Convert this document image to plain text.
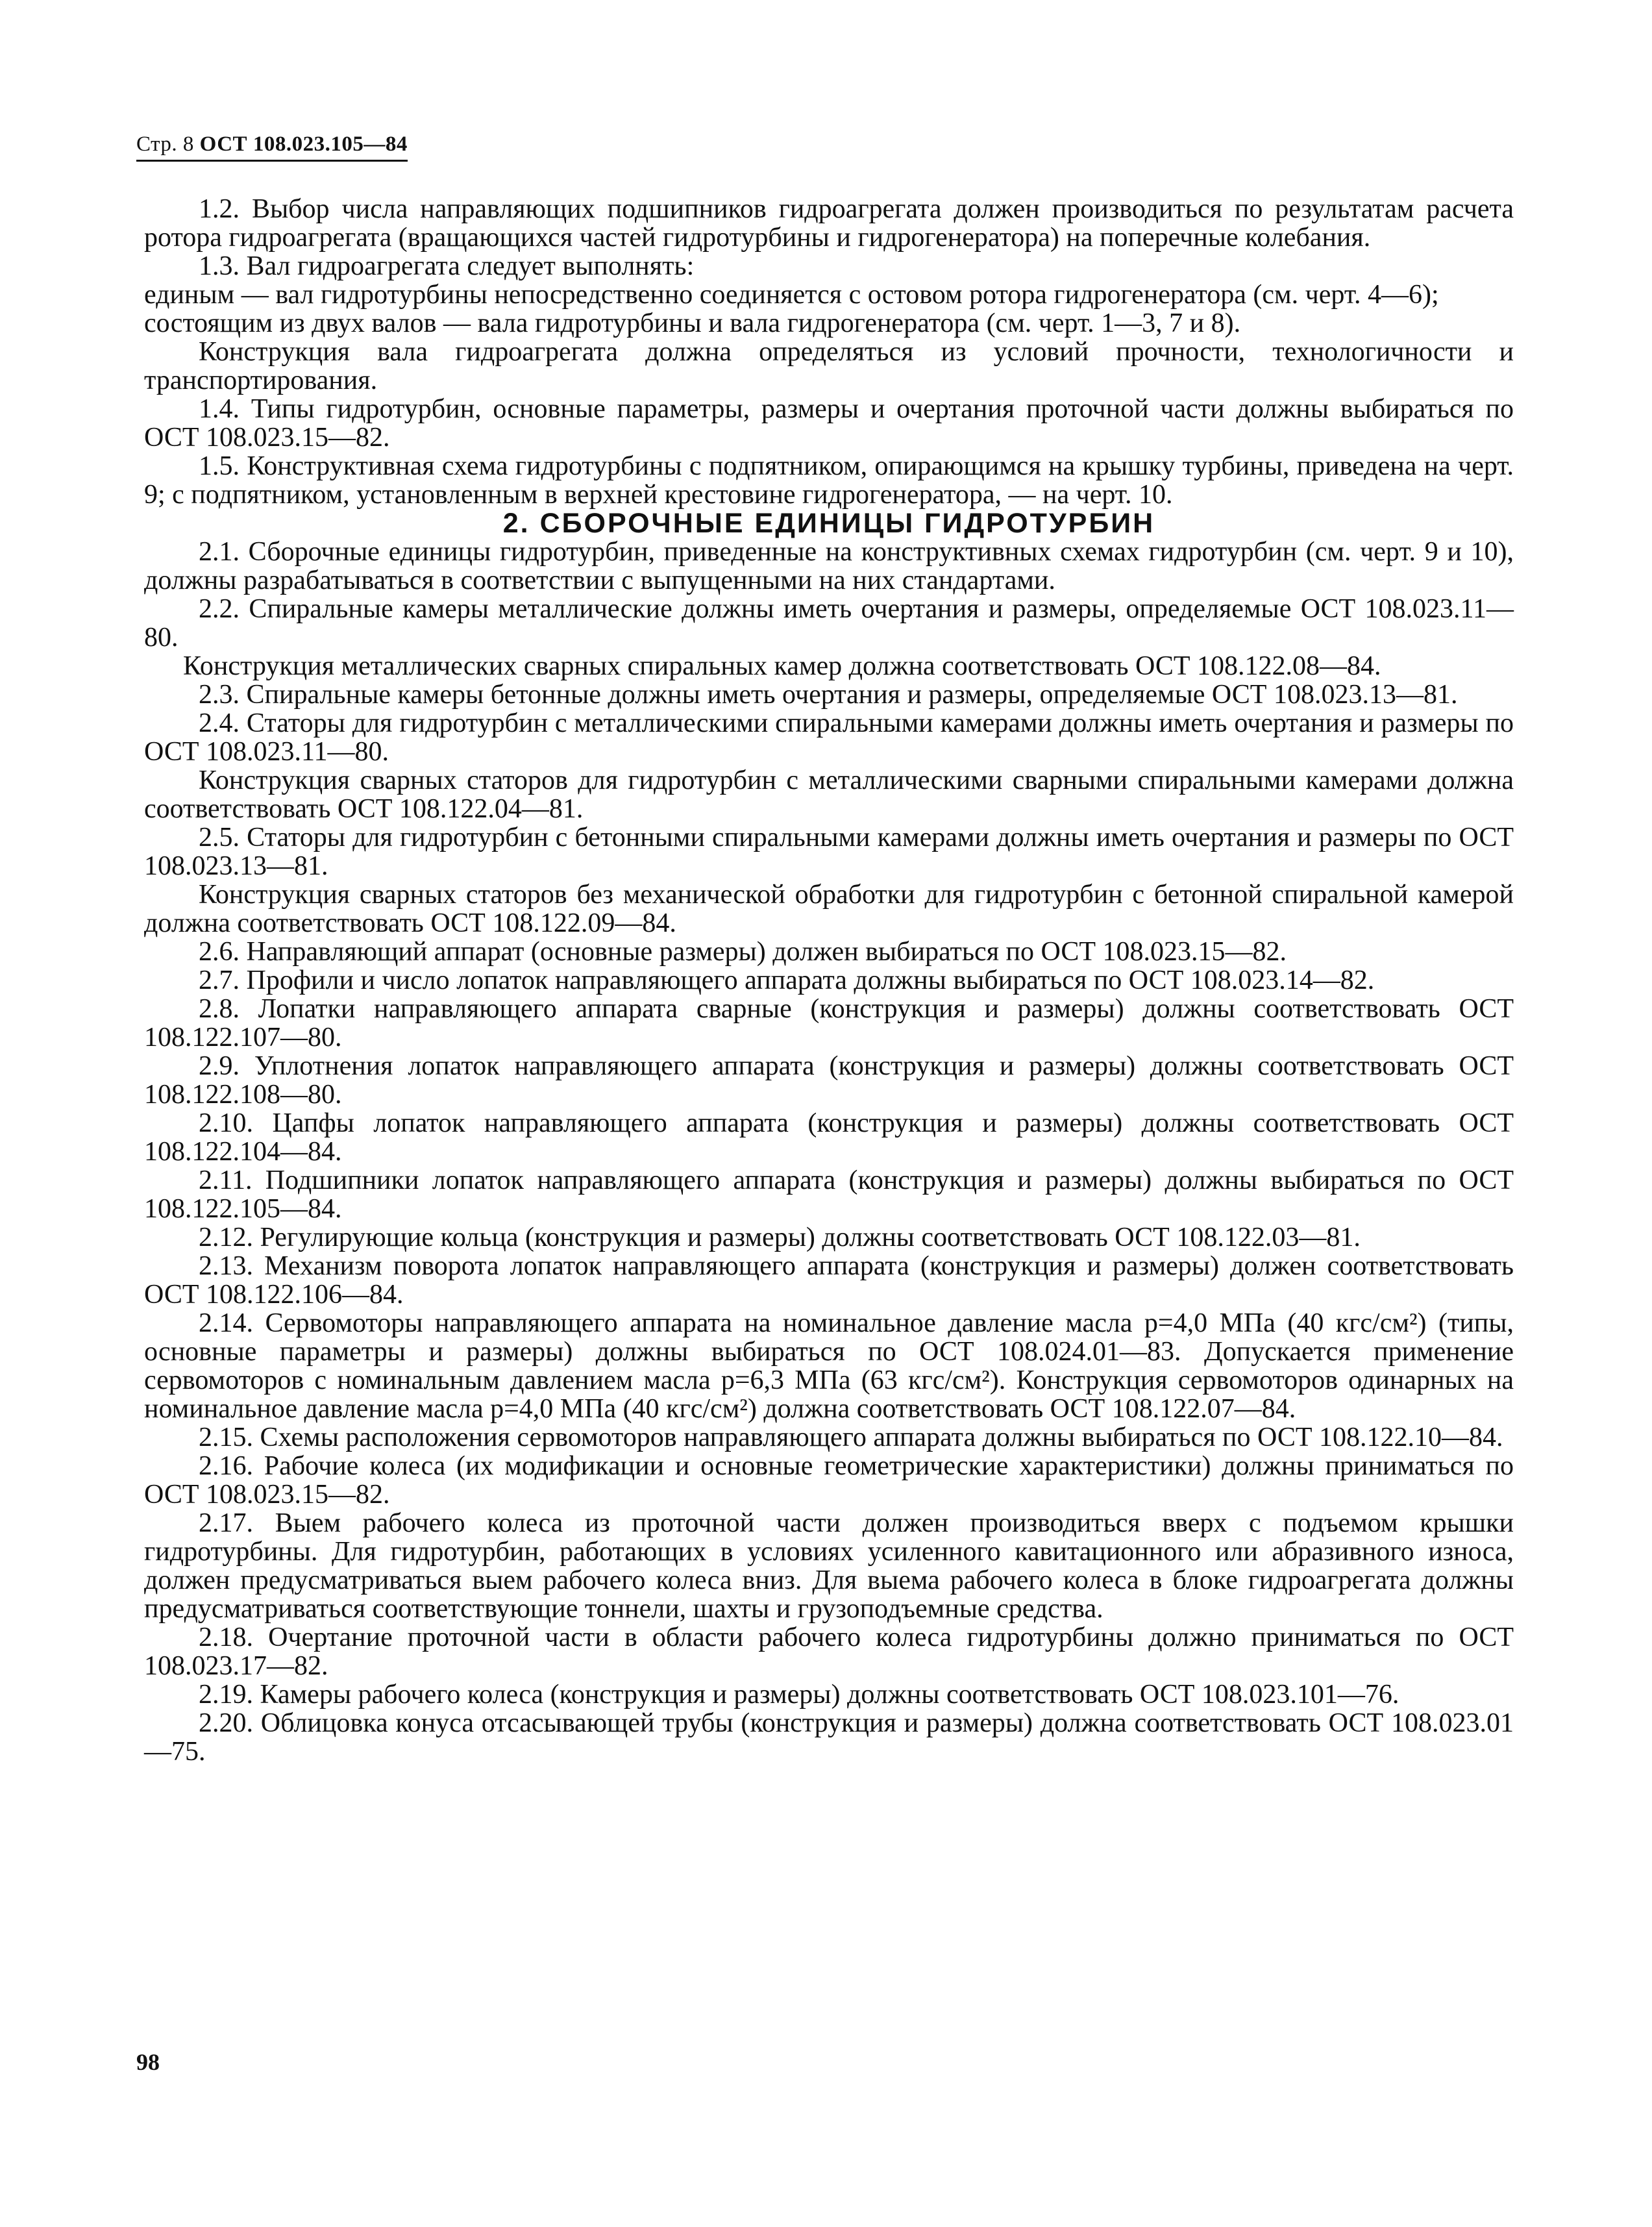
Стр. 8 ОСТ 108.023.105—84

1.2. Выбор числа направляющих подшипников гидроагрегата должен производиться по результатам расчета ротора гидроагрегата (вращающихся частей гидротурбины и гидрогенератора) на поперечные колебания.

1.3. Вал гидроагрегата следует выполнять:

единым — вал гидротурбины непосредственно соединяется с остовом ротора гидрогенератора (см. черт. 4—6);

состоящим из двух валов — вала гидротурбины и вала гидрогенератора (см. черт. 1—3, 7 и 8).

Конструкция вала гидроагрегата должна определяться из условий прочности, технологичности и транспортирования.

1.4. Типы гидротурбин, основные параметры, размеры и очертания проточной части должны выбираться по ОСТ 108.023.15—82.

1.5. Конструктивная схема гидротурбины с подпятником, опирающимся на крышку турбины, приведена на черт. 9; с подпятником, установленным в верхней крестовине гидрогенератора, — на черт. 10.

2. СБОРОЧНЫЕ ЕДИНИЦЫ ГИДРОТУРБИН

2.1. Сборочные единицы гидротурбин, приведенные на конструктивных схемах гидротурбин (см. черт. 9 и 10), должны разрабатываться в соответствии с выпущенными на них стандартами.

2.2. Спиральные камеры металлические должны иметь очертания и размеры, определяемые ОСТ 108.023.11—80.

Конструкция металлических сварных спиральных камер должна соответствовать ОСТ 108.122.08—84.

2.3. Спиральные камеры бетонные должны иметь очертания и размеры, определяемые ОСТ 108.023.13—81.

2.4. Статоры для гидротурбин с металлическими спиральными камерами должны иметь очертания и размеры по ОСТ 108.023.11—80.

Конструкция сварных статоров для гидротурбин с металлическими сварными спиральными камерами должна соответствовать ОСТ 108.122.04—81.

2.5. Статоры для гидротурбин с бетонными спиральными камерами должны иметь очертания и размеры по ОСТ 108.023.13—81.

Конструкция сварных статоров без механической обработки для гидротурбин с бетонной спиральной камерой должна соответствовать ОСТ 108.122.09—84.

2.6. Направляющий аппарат (основные размеры) должен выбираться по ОСТ 108.023.15—82.

2.7. Профили и число лопаток направляющего аппарата должны выбираться по ОСТ 108.023.14—82.

2.8. Лопатки направляющего аппарата сварные (конструкция и размеры) должны соответствовать ОСТ 108.122.107—80.

2.9. Уплотнения лопаток направляющего аппарата (конструкция и размеры) должны соответствовать ОСТ 108.122.108—80.

2.10. Цапфы лопаток направляющего аппарата (конструкция и размеры) должны соответствовать ОСТ 108.122.104—84.

2.11. Подшипники лопаток направляющего аппарата (конструкция и размеры) должны выбираться по ОСТ 108.122.105—84.

2.12. Регулирующие кольца (конструкция и размеры) должны соответствовать ОСТ 108.122.03—81.

2.13. Механизм поворота лопаток направляющего аппарата (конструкция и размеры) должен соответствовать ОСТ 108.122.106—84.

2.14. Сервомоторы направляющего аппарата на номинальное давление масла p=4,0 МПа (40 кгс/см²) (типы, основные параметры и размеры) должны выбираться по ОСТ 108.024.01—83. Допускается применение сервомоторов с номинальным давлением масла p=6,3 МПа (63 кгс/см²). Конструкция сервомоторов одинарных на номинальное давление масла p=4,0 МПа (40 кгс/см²) должна соответствовать ОСТ 108.122.07—84.

2.15. Схемы расположения сервомоторов направляющего аппарата должны выбираться по ОСТ 108.122.10—84.

2.16. Рабочие колеса (их модификации и основные геометрические характеристики) должны приниматься по ОСТ 108.023.15—82.

2.17. Выем рабочего колеса из проточной части должен производиться вверх с подъемом крышки гидротурбины. Для гидротурбин, работающих в условиях усиленного кавитационного или абразивного износа, должен предусматриваться выем рабочего колеса вниз. Для выема рабочего колеса в блоке гидроагрегата должны предусматриваться соответствующие тоннели, шахты и грузоподъемные средства.

2.18. Очертание проточной части в области рабочего колеса гидротурбины должно приниматься по ОСТ 108.023.17—82.

2.19. Камеры рабочего колеса (конструкция и размеры) должны соответствовать ОСТ 108.023.101—76.

2.20. Облицовка конуса отсасывающей трубы (конструкция и размеры) должна соответствовать ОСТ 108.023.01—75.

98
